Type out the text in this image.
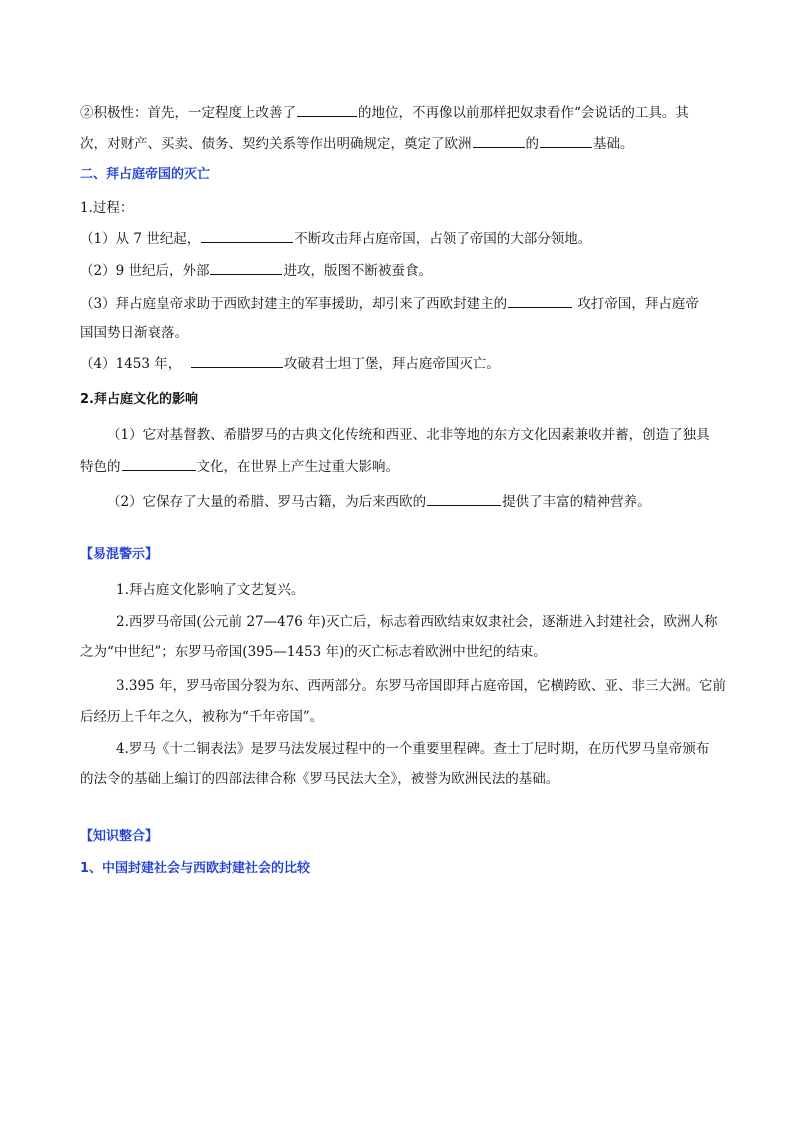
②积极性：首先，一定程度上改善了	的地位，不再像以前那样把奴隶看作“会说话的工具。其
次，对财产、买卖、债务、契约关系等作出明确规定，奠定了欧洲	的	基础。
二、拜占庭帝国的灭亡
1.过程：
（1）从 7 世纪起，	不断攻击拜占庭帝国，占领了帝国的大部分领地。
（2）9 世纪后，外部	进攻，版图不断被蚕食。
（3）拜占庭皇帝求助于西欧封建主的军事援助，却引来了西欧封建主的	攻打帝国，拜占庭帝
国国势日渐衰落。
（4）1453 年，	攻破君士坦丁堡，拜占庭帝国灭亡。
2.拜占庭文化的影响
（1）它对基督教、希腊罗马的古典文化传统和西亚、北非等地的东方文化因素兼收并蓄，创造了独具
特色的	文化，在世界上产生过重大影响。
（2）它保存了大量的希腊、罗马古籍，为后来西欧的	提供了丰富的精神营养。
【易混警示】
1.拜占庭文化影响了文艺复兴。
2.西罗马帝国(公元前 27—476 年)灭亡后，标志着西欧结束奴隶社会，逐渐进入封建社会，欧洲人称
之为“中世纪”；东罗马帝国(395—1453 年)的灭亡标志着欧洲中世纪的结束。
3.395 年，罗马帝国分裂为东、西两部分。东罗马帝国即拜占庭帝国，它横跨欧、亚、非三大洲。它前
后经历上千年之久，被称为“千年帝国”。
4.罗马《十二铜表法》是罗马法发展过程中的一个重要里程碑。查士丁尼时期，在历代罗马皇帝颁布
的法令的基础上编订的四部法律合称《罗马民法大全》，被誉为欧洲民法的基础。
【知识整合】
1、中国封建社会与西欧封建社会的比较
